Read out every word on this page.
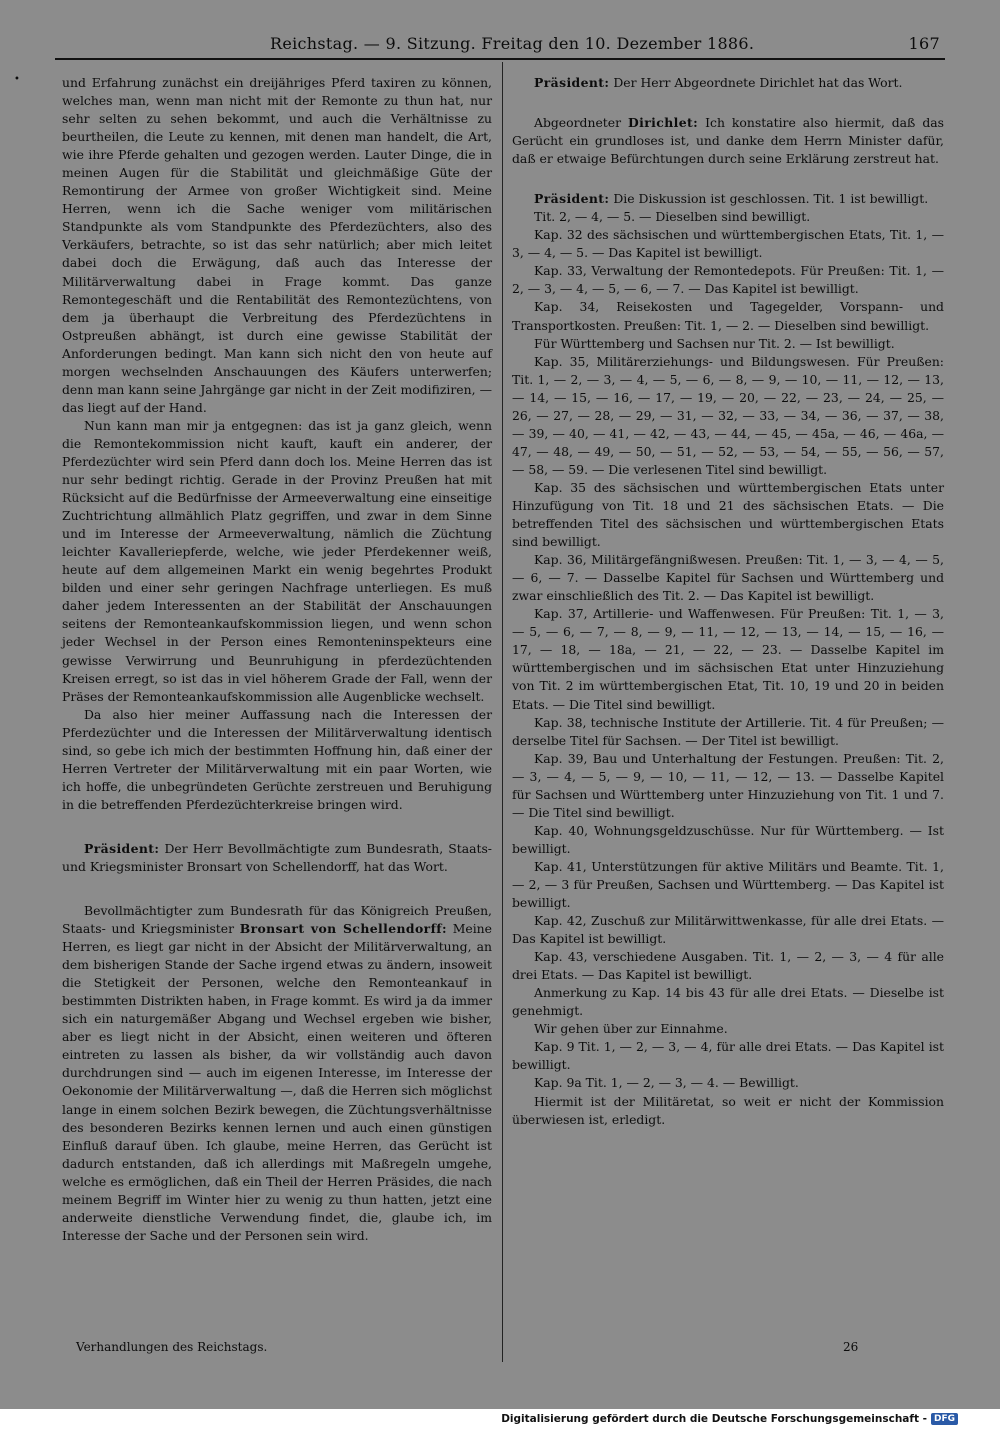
Reichstag. — 9. Sitzung. Freitag den 10. Dezember 1886.	167
•	und Erfahrung zunächst ein dreijähriges Pferd taxiren zu können, welches man, wenn man nicht mit der Remonte zu thun hat, nur sehr selten zu sehen bekommt, und auch die Verhältnisse zu beurtheilen, die Leute zu kennen, mit denen man handelt, die Art, wie ihre Pferde gehalten und gezogen werden. Lauter Dinge, die in meinen Augen für die Stabilität und gleichmäßige Güte der Remontirung der Armee von großer Wichtigkeit sind. Meine Herren, wenn ich die Sache weniger vom militärischen Standpunkte als vom Standpunkte des Pferdezüchters, also des Verkäufers, betrachte, so ist das sehr natürlich; aber mich leitet dabei doch die Erwägung, daß auch das Interesse der Militärverwaltung dabei in Frage kommt. Das ganze Remontegeschäft und die Rentabilität des Remontezüchtens, von dem ja überhaupt die Verbreitung des Pferdezüchtens in Ostpreußen abhängt, ist durch eine gewisse Stabilität der Anforderungen bedingt. Man kann sich nicht den von heute auf morgen wechselnden Anschauungen des Käufers unterwerfen; denn man kann seine Jahrgänge gar nicht in der Zeit modifiziren, — das liegt auf der Hand.

Nun kann man mir ja entgegnen: das ist ja ganz gleich, wenn die Remontekommission nicht kauft, kauft ein anderer, der Pferdezüchter wird sein Pferd dann doch los. Meine Herren das ist nur sehr bedingt richtig. Gerade in der Provinz Preußen hat mit Rücksicht auf die Bedürfnisse der Armeeverwaltung eine einseitige Zuchtrichtung allmählich Platz gegriffen, und zwar in dem Sinne und im Interesse der Armeeverwaltung, nämlich die Züchtung leichter Kavalleriepferde, welche, wie jeder Pferdekenner weiß, heute auf dem allgemeinen Markt ein wenig begehrtes Produkt bilden und einer sehr geringen Nachfrage unterliegen. Es muß daher jedem Interessenten an der Stabilität der Anschauungen seitens der Remonteankaufskommission liegen, und wenn schon jeder Wechsel in der Person eines Remonteninspekteurs eine gewisse Verwirrung und Beunruhigung in pferdezüchtenden Kreisen erregt, so ist das in viel höherem Grade der Fall, wenn der Präses der Remonteankaufskommission alle Augenblicke wechselt.

Da also hier meiner Auffassung nach die Interessen der Pferdezüchter und die Interessen der Militärverwaltung identisch sind, so gebe ich mich der bestimmten Hoffnung hin, daß einer der Herren Vertreter der Militärverwaltung mit ein paar Worten, wie ich hoffe, die unbegründeten Gerüchte zerstreuen und Beruhigung in die betreffenden Pferdezüchterkreise bringen wird.

Präsident: Der Herr Bevollmächtigte zum Bundesrath, Staats- und Kriegsminister Bronsart von Schellendorff, hat das Wort.

Bevollmächtigter zum Bundesrath für das Königreich Preußen, Staats- und Kriegsminister Bronsart von Schellendorff: Meine Herren, es liegt gar nicht in der Absicht der Militärverwaltung, an dem bisherigen Stande der Sache irgend etwas zu ändern, insoweit die Stetigkeit der Personen, welche den Remonteankauf in bestimmten Distrikten haben, in Frage kommt. Es wird ja da immer sich ein naturgemäßer Abgang und Wechsel ergeben wie bisher, aber es liegt nicht in der Absicht, einen weiteren und öfteren eintreten zu lassen als bisher, da wir vollständig auch davon durchdrungen sind — auch im eigenen Interesse, im Interesse der Oekonomie der Militärverwaltung —, daß die Herren sich möglichst lange in einem solchen Bezirk bewegen, die Züchtungsverhältnisse des besonderen Bezirks kennen lernen und auch einen günstigen Einfluß darauf üben. Ich glaube, meine Herren, das Gerücht ist dadurch entstanden, daß ich allerdings mit Maßregeln umgehe, welche es ermöglichen, daß ein Theil der Herren Präsides, die nach meinem Begriff im Winter hier zu wenig zu thun hatten, jetzt eine anderweite dienstliche Verwendung findet, die, glaube ich, im Interesse der Sache und der Personen sein wird.

Präsident: Der Herr Abgeordnete Dirichlet hat das Wort.

Abgeordneter Dirichlet: Ich konstatire also hiermit, daß das Gerücht ein grundloses ist, und danke dem Herrn Minister dafür, daß er etwaige Befürchtungen durch seine Erklärung zerstreut hat.

Präsident: Die Diskussion ist geschlossen. Tit. 1 ist bewilligt.

Tit. 2, — 4, — 5. — Dieselben sind bewilligt.

Kap. 32 des sächsischen und württembergischen Etats, Tit. 1, — 3, — 4, — 5. — Das Kapitel ist bewilligt.

Kap. 33, Verwaltung der Remontedepots. Für Preußen: Tit. 1, — 2, — 3, — 4, — 5, — 6, — 7. — Das Kapitel ist bewilligt.

Kap. 34, Reisekosten und Tagegelder, Vorspann- und Transportkosten. Preußen: Tit. 1, — 2. — Dieselben sind bewilligt.

Für Württemberg und Sachsen nur Tit. 2. — Ist bewilligt.

Kap. 35, Militärerziehungs- und Bildungswesen. Für Preußen: Tit. 1, — 2, — 3, — 4, — 5, — 6, — 8, — 9, — 10, — 11, — 12, — 13, — 14, — 15, — 16, — 17, — 19, — 20, — 22, — 23, — 24, — 25, — 26, — 27, — 28, — 29, — 31, — 32, — 33, — 34, — 36, — 37, — 38, — 39, — 40, — 41, — 42, — 43, — 44, — 45, — 45a, — 46, — 46a, — 47, — 48, — 49, — 50, — 51, — 52, — 53, — 54, — 55, — 56, — 57, — 58, — 59. — Die verlesenen Titel sind bewilligt.

Kap. 35 des sächsischen und württembergischen Etats unter Hinzufügung von Tit. 18 und 21 des sächsischen Etats. — Die betreffenden Titel des sächsischen und württembergischen Etats sind bewilligt.

Kap. 36, Militärgefängnißwesen. Preußen: Tit. 1, — 3, — 4, — 5, — 6, — 7. — Dasselbe Kapitel für Sachsen und Württemberg und zwar einschließlich des Tit. 2. — Das Kapitel ist bewilligt.

Kap. 37, Artillerie- und Waffenwesen. Für Preußen: Tit. 1, — 3, — 5, — 6, — 7, — 8, — 9, — 11, — 12, — 13, — 14, — 15, — 16, — 17, — 18, — 18a, — 21, — 22, — 23. — Dasselbe Kapitel im württembergischen und im sächsischen Etat unter Hinzuziehung von Tit. 2 im württembergischen Etat, Tit. 10, 19 und 20 in beiden Etats. — Die Titel sind bewilligt.

Kap. 38, technische Institute der Artillerie. Tit. 4 für Preußen; — derselbe Titel für Sachsen. — Der Titel ist bewilligt.

Kap. 39, Bau und Unterhaltung der Festungen. Preußen: Tit. 2, — 3, — 4, — 5, — 9, — 10, — 11, — 12, — 13. — Dasselbe Kapitel für Sachsen und Württemberg unter Hinzuziehung von Tit. 1 und 7. — Die Titel sind bewilligt.

Kap. 40, Wohnungsgeldzuschüsse. Nur für Württemberg. — Ist bewilligt.

Kap. 41, Unterstützungen für aktive Militärs und Beamte. Tit. 1, — 2, — 3 für Preußen, Sachsen und Württemberg. — Das Kapitel ist bewilligt.

Kap. 42, Zuschuß zur Militärwittwenkasse, für alle drei Etats. — Das Kapitel ist bewilligt.

Kap. 43, verschiedene Ausgaben. Tit. 1, — 2, — 3, — 4 für alle drei Etats. — Das Kapitel ist bewilligt.

Anmerkung zu Kap. 14 bis 43 für alle drei Etats. — Dieselbe ist genehmigt.

Wir gehen über zur Einnahme.

Kap. 9 Tit. 1, — 2, — 3, — 4, für alle drei Etats. — Das Kapitel ist bewilligt.

Kap. 9a Tit. 1, — 2, — 3, — 4. — Bewilligt.

Hiermit ist der Militäretat, so weit er nicht der Kommission überwiesen ist, erledigt.

Verhandlungen des Reichstags.	26
Digitalisierung gefördert durch die Deutsche Forschungsgemeinschaft - DFG
